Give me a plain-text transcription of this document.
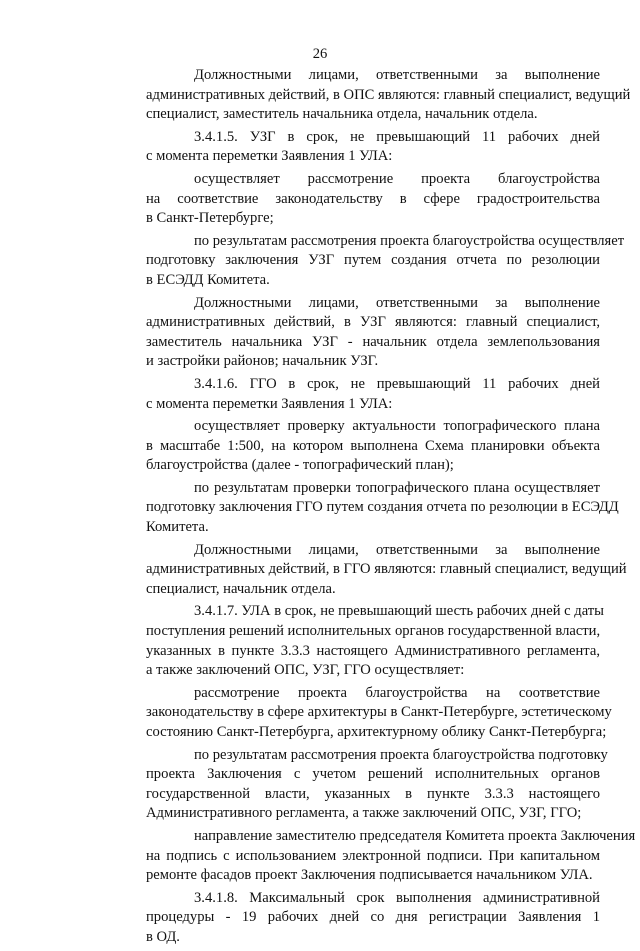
26
Должностными лицами, ответственными за выполнение
административных действий, в ОПС являются: главный специалист, ведущий
специалист, заместитель начальника отдела, начальник отдела.
3.4.1.5. УЗГ в срок, не превышающий 11 рабочих дней
с момента переметки Заявления 1 УЛА:
осуществляет рассмотрение проекта благоустройства
на соответствие законодательству в сфере градостроительства
в Санкт-Петербурге;
по результатам рассмотрения проекта благоустройства осуществляет
подготовку заключения УЗГ путем создания отчета по резолюции
в ЕСЭДД Комитета.
Должностными лицами, ответственными за выполнение
административных действий, в УЗГ являются: главный специалист,
заместитель начальника УЗГ - начальник отдела землепользования
и застройки районов; начальник УЗГ.
3.4.1.6. ГГО в срок, не превышающий 11 рабочих дней
с момента переметки Заявления 1 УЛА:
осуществляет проверку актуальности топографического плана
в масштабе 1:500, на котором выполнена Схема планировки объекта
благоустройства (далее - топографический план);
по результатам проверки топографического плана осуществляет
подготовку заключения ГГО путем создания отчета по резолюции в ЕСЭДД
Комитета.
Должностными лицами, ответственными за выполнение
административных действий, в ГГО являются: главный специалист, ведущий
специалист, начальник отдела.
3.4.1.7. УЛА в срок, не превышающий шесть рабочих дней с даты
поступления решений исполнительных органов государственной власти,
указанных в пункте 3.3.3 настоящего Административного регламента,
а также заключений ОПС, УЗГ, ГГО осуществляет:
рассмотрение проекта благоустройства на соответствие
законодательству в сфере архитектуры в Санкт-Петербурге, эстетическому
состоянию Санкт-Петербурга, архитектурному облику Санкт-Петербурга;
по результатам рассмотрения проекта благоустройства подготовку
проекта Заключения с учетом решений исполнительных органов
государственной власти, указанных в пункте 3.3.3 настоящего
Административного регламента, а также заключений ОПС, УЗГ, ГГО;
направление заместителю председателя Комитета проекта Заключения
на подпись с использованием электронной подписи. При капитальном
ремонте фасадов проект Заключения подписывается начальником УЛА.
3.4.1.8. Максимальный срок выполнения административной
процедуры - 19 рабочих дней со дня регистрации Заявления 1
в ОД.
